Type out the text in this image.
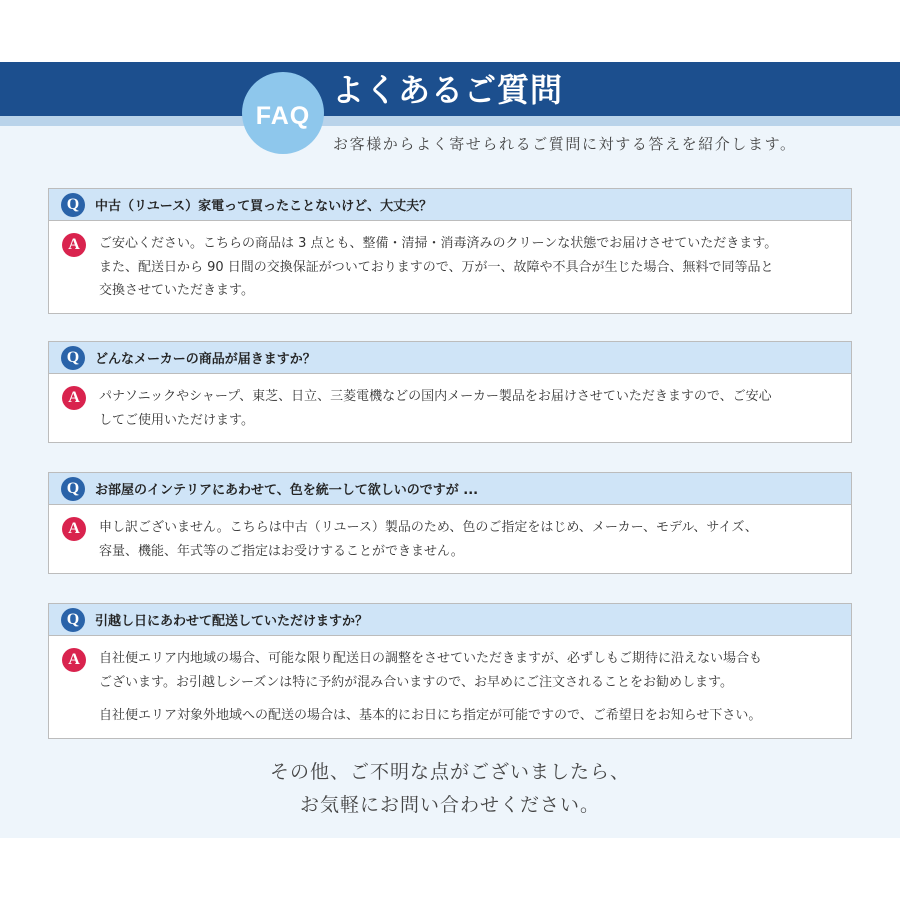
FAQ
よくあるご質問

お客様からよく寄せられるご質問に対する答えを紹介します。

Q	中古（リユース）家電って買ったことないけど、大丈夫？
A	ご安心ください。こちらの商品は 3 点とも、整備・清掃・消毒済みのクリーンな状態でお届けさせていただきます。
また、配送日から 90 日間の交換保証がついておりますので、万が一、故障や不具合が生じた場合、無料で同等品と
交換させていただきます。

Q	どんなメーカーの商品が届きますか？
A	パナソニックやシャープ、東芝、日立、三菱電機などの国内メーカー製品をお届けさせていただきますので、ご安心
してご使用いただけます。

Q	お部屋のインテリアにあわせて、色を統一して欲しいのですが ...
A	申し訳ございません。こちらは中古（リユース）製品のため、色のご指定をはじめ、メーカー、モデル、サイズ、
容量、機能、年式等のご指定はお受けすることができません。

Q	引越し日にあわせて配送していただけますか？
A	自社便エリア内地域の場合、可能な限り配送日の調整をさせていただきますが、必ずしもご期待に沿えない場合も
ございます。お引越しシーズンは特に予約が混み合いますので、お早めにご注文されることをお勧めします。

自社便エリア対象外地域への配送の場合は、基本的にお日にち指定が可能ですので、ご希望日をお知らせ下さい。

その他、ご不明な点がございましたら、
お気軽にお問い合わせください。
